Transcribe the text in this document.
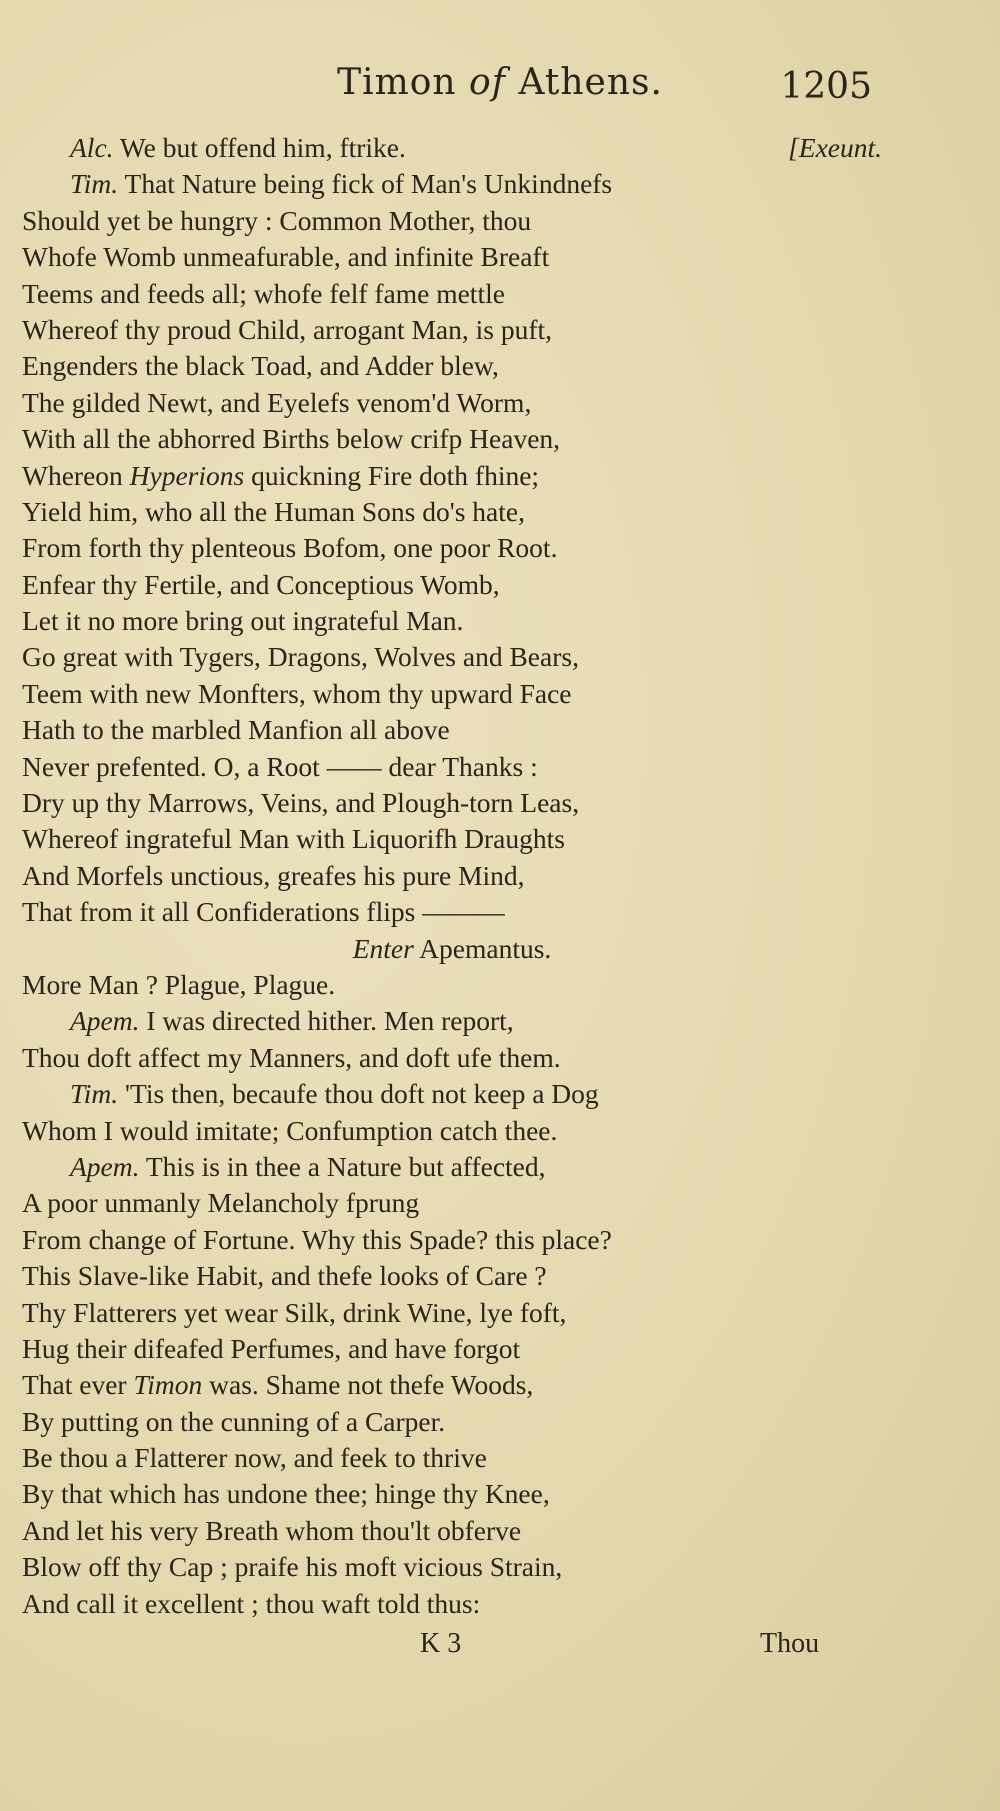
Timon of Athens.	1205
Alc. We but offend him, ftrike.	[Exeunt.
Tim. That Nature being fick of Man's Unkindnefs
Should yet be hungry : Common Mother, thou
Whofe Womb unmeafurable, and infinite Breaft
Teems and feeds all; whofe felf fame mettle
Whereof thy proud Child, arrogant Man, is puft,
Engenders the black Toad, and Adder blew,
The gilded Newt, and Eyelefs venom'd Worm,
With all the abhorred Births below crifp Heaven,
Whereon Hyperions quickning Fire doth fhine;
Yield him, who all the Human Sons do's hate,
From forth thy plenteous Bofom, one poor Root.
Enfear thy Fertile, and Conceptious Womb,
Let it no more bring out ingrateful Man.
Go great with Tygers, Dragons, Wolves and Bears,
Teem with new Monfters, whom thy upward Face
Hath to the marbled Manfion all above
Never prefented. O, a Root —— dear Thanks :
Dry up thy Marrows, Veins, and Plough-torn Leas,
Whereof ingrateful Man with Liquorifh Draughts
And Morfels unctious, greafes his pure Mind,
That from it all Confiderations flips ———
Enter Apemantus.
More Man ? Plague, Plague.
Apem. I was directed hither. Men report,
Thou doft affect my Manners, and doft ufe them.
Tim. 'Tis then, becaufe thou doft not keep a Dog
Whom I would imitate; Confumption catch thee.
Apem. This is in thee a Nature but affected,
A poor unmanly Melancholy fprung
From change of Fortune. Why this Spade? this place?
This Slave-like Habit, and thefe looks of Care ?
Thy Flatterers yet wear Silk, drink Wine, lye foft,
Hug their difeafed Perfumes, and have forgot
That ever Timon was. Shame not thefe Woods,
By putting on the cunning of a Carper.
Be thou a Flatterer now, and feek to thrive
By that which has undone thee; hinge thy Knee,
And let his very Breath whom thou'lt obferve
Blow off thy Cap ; praife his moft vicious Strain,
And call it excellent ; thou waft told thus:
K 3	Thou
